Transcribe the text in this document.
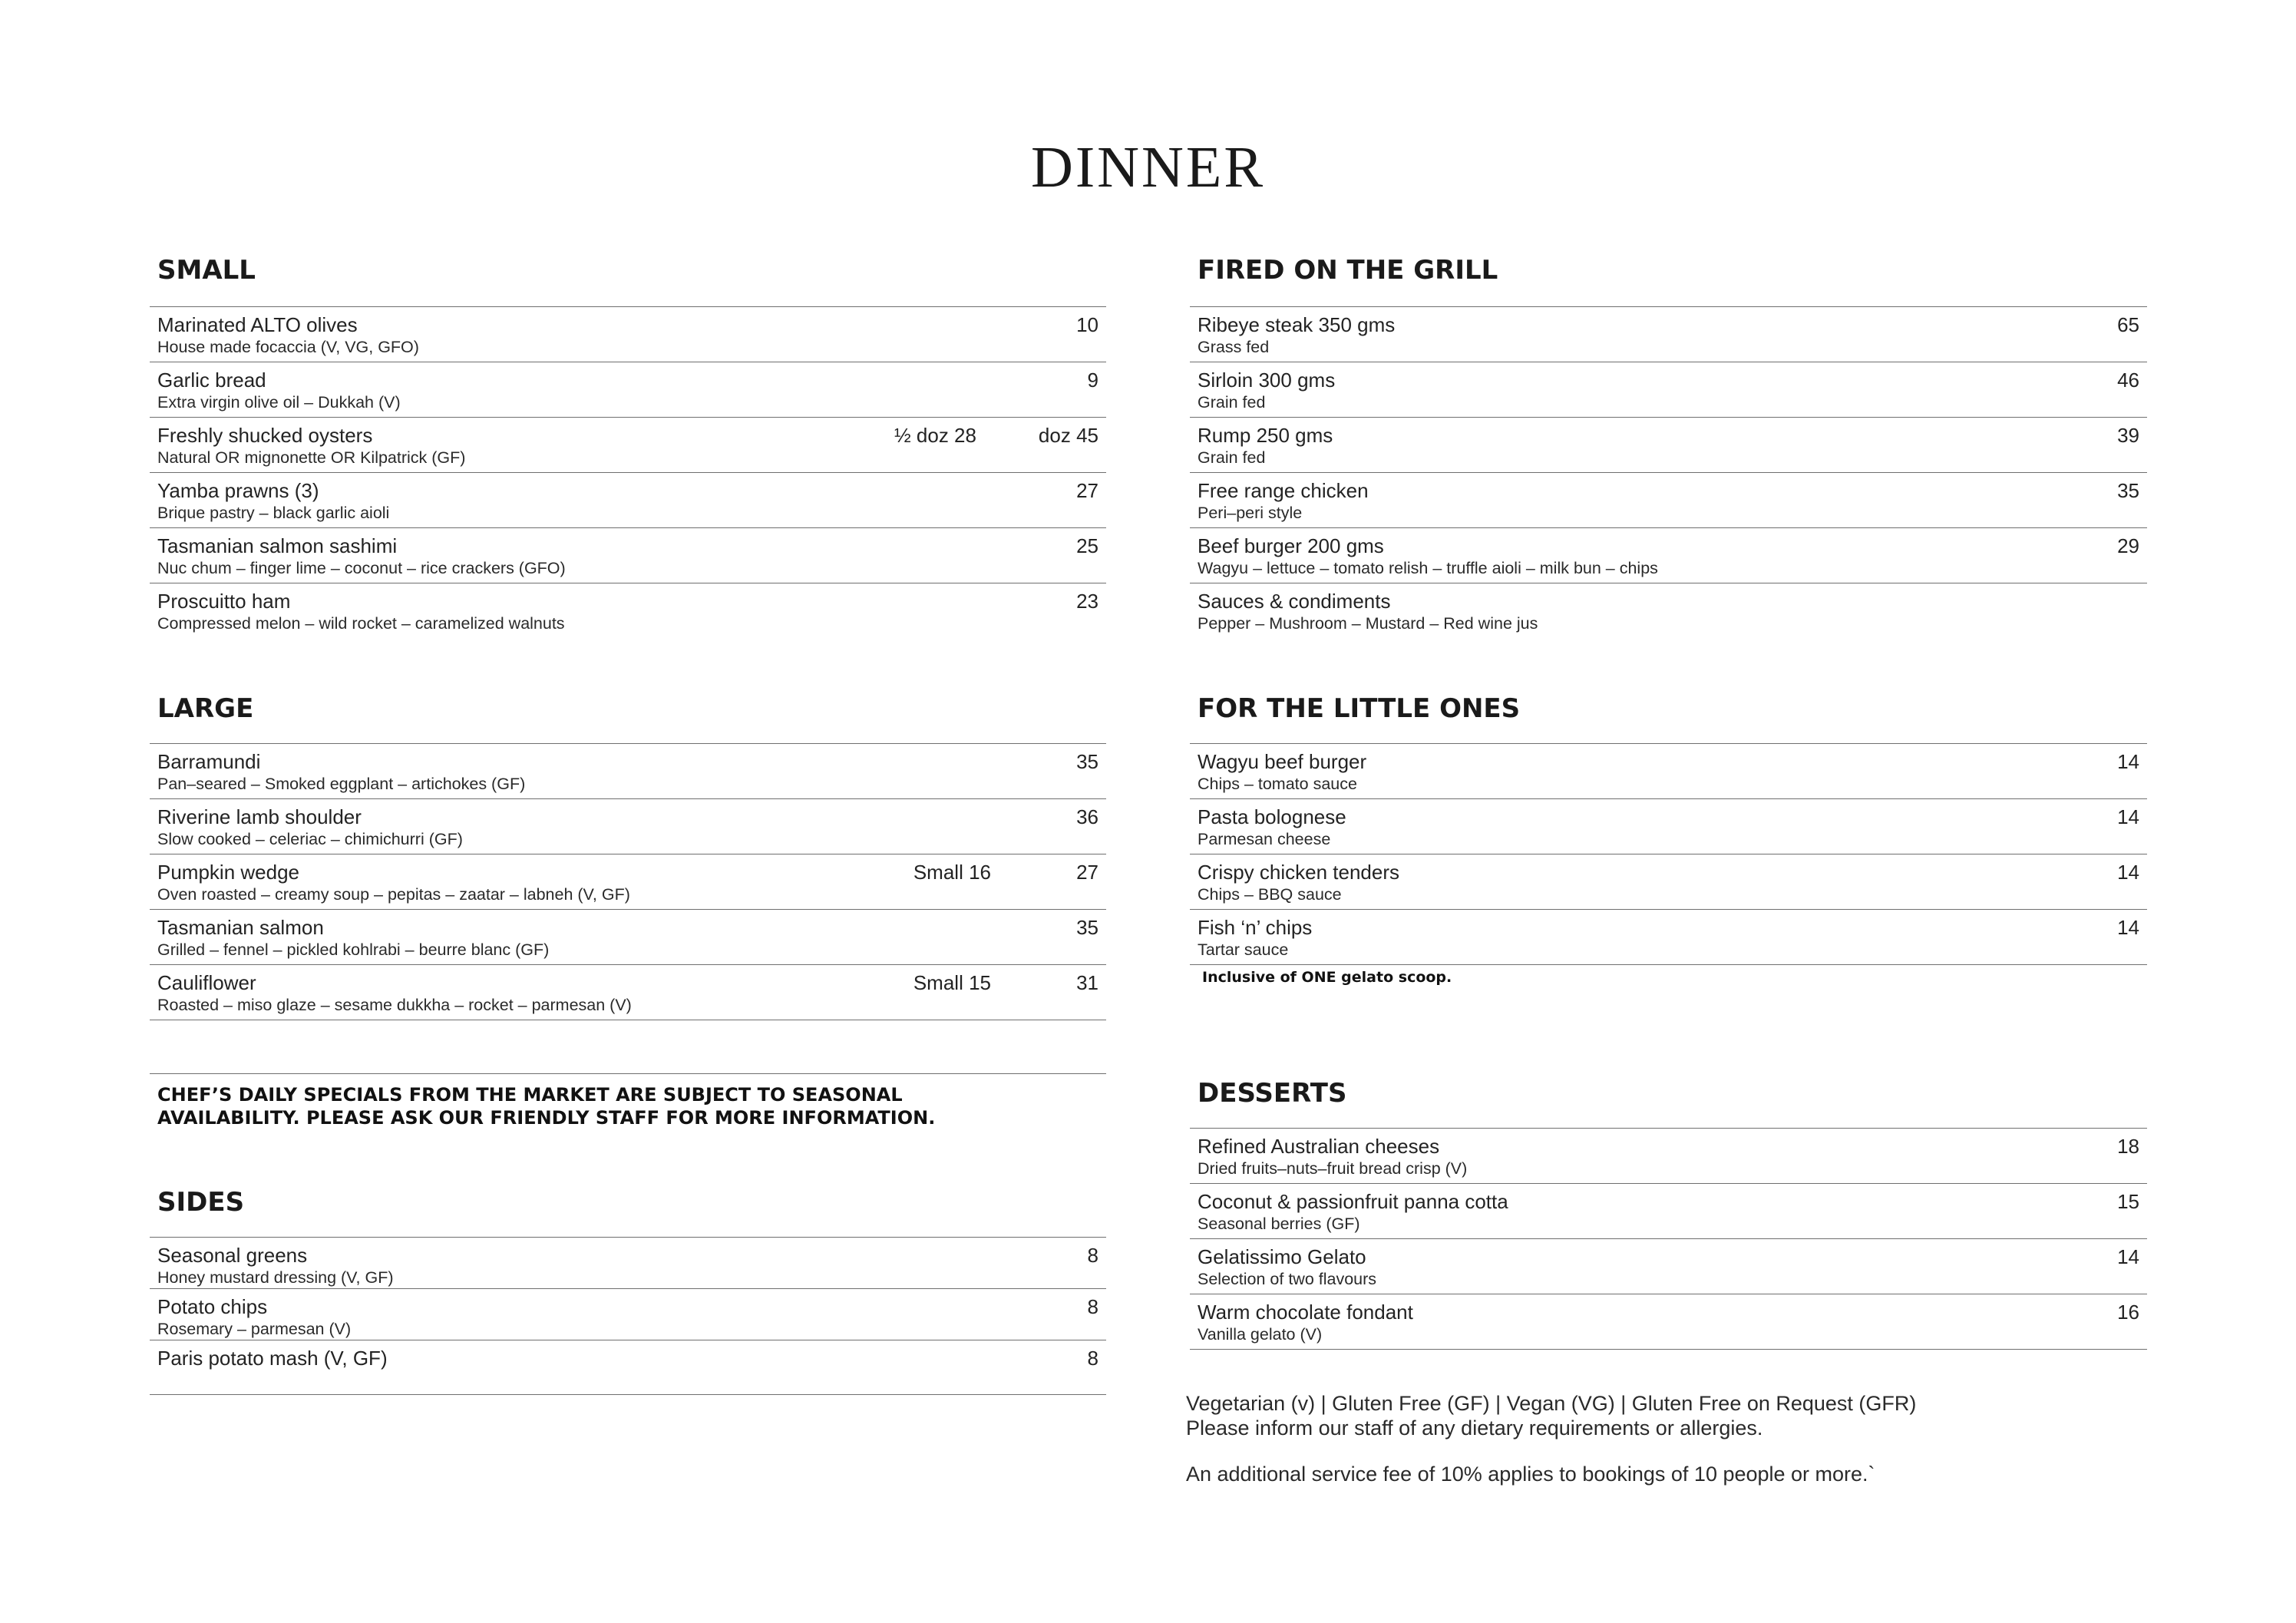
DINNER
SMALL
Marinated ALTO olives
House made focaccia (V, VG, GFO)
10
Garlic bread
Extra virgin olive oil – Dukkah (V)
9
Freshly shucked oysters
Natural OR mignonette OR Kilpatrick (GF)
½ doz 28	doz 45
Yamba prawns (3)
Brique pastry – black garlic aioli
27
Tasmanian salmon sashimi
Nuc chum – finger lime – coconut – rice crackers (GFO)
25
Proscuitto ham
Compressed melon – wild rocket – caramelized walnuts
23
LARGE
Barramundi
Pan–seared – Smoked eggplant – artichokes (GF)
35
Riverine lamb shoulder
Slow cooked – celeriac – chimichurri (GF)
36
Pumpkin wedge
Oven roasted – creamy soup – pepitas – zaatar – labneh (V, GF)
Small 16	27
Tasmanian salmon
Grilled – fennel – pickled kohlrabi – beurre blanc (GF)
35
Cauliflower
Roasted – miso glaze – sesame dukkha – rocket – parmesan (V)
Small 15	31
SIDES
Seasonal greens
Honey mustard dressing (V, GF)
8
Potato chips
Rosemary – parmesan (V)
8
Paris potato mash (V, GF)	8

CHEF’S DAILY SPECIALS FROM THE MARKET ARE SUBJECT TO SEASONAL
AVAILABILITY. PLEASE ASK OUR FRIENDLY STAFF FOR MORE INFORMATION.

FIRED ON THE GRILL
Ribeye steak 350 gms
Grass fed
65
Sirloin 300 gms
Grain fed
46
Rump 250 gms
Grain fed
39
Free range chicken
Peri–peri style
35
Beef burger 200 gms
Wagyu – lettuce – tomato relish – truffle aioli – milk bun – chips
29
Sauces & condiments
Pepper – Mushroom – Mustard – Red wine jus
FOR THE LITTLE ONES
Wagyu beef burger
Chips – tomato sauce
14
Pasta bolognese
Parmesan cheese
14
Crispy chicken tenders
Chips – BBQ sauce
14
Fish ‘n’ chips
Tartar sauce
14
Inclusive of ONE gelato scoop.
DESSERTS
Refined Australian cheeses
Dried fruits–nuts–fruit bread crisp (V)
18
Coconut & passionfruit panna cotta
Seasonal berries (GF)
15
Gelatissimo Gelato
Selection of two flavours
14
Warm chocolate fondant
Vanilla gelato (V)
16

Vegetarian (v) | Gluten Free (GF) | Vegan (VG) | Gluten Free on Request (GFR)

Please inform our staff of any dietary requirements or allergies.

An additional service fee of 10% applies to bookings of 10 people or more.`
